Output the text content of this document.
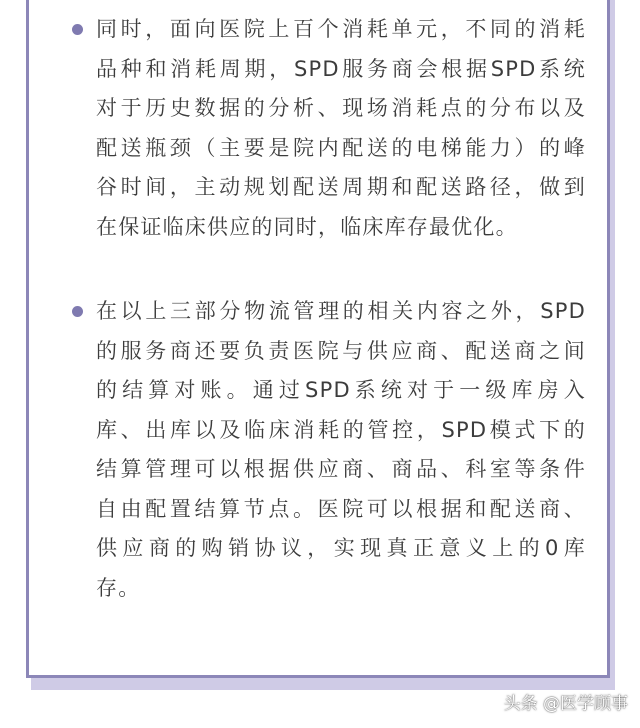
同时，面向医院上百个消耗单元，不同的消耗
品种和消耗周期，SPD服务商会根据SPD系统
对于历史数据的分析、现场消耗点的分布以及
配送瓶颈（主要是院内配送的电梯能力）的峰
谷时间，主动规划配送周期和配送路径，做到
在保证临床供应的同时，临床库存最优化。

在以上三部分物流管理的相关内容之外，SPD
的服务商还要负责医院与供应商、配送商之间
的结算对账。通过SPD系统对于一级库房入
库、出库以及临床消耗的管控，SPD模式下的
结算管理可以根据供应商、商品、科室等条件
自由配置结算节点。医院可以根据和配送商、
供应商的购销协议，实现真正意义上的0库
存。

头条 @医学顾事
